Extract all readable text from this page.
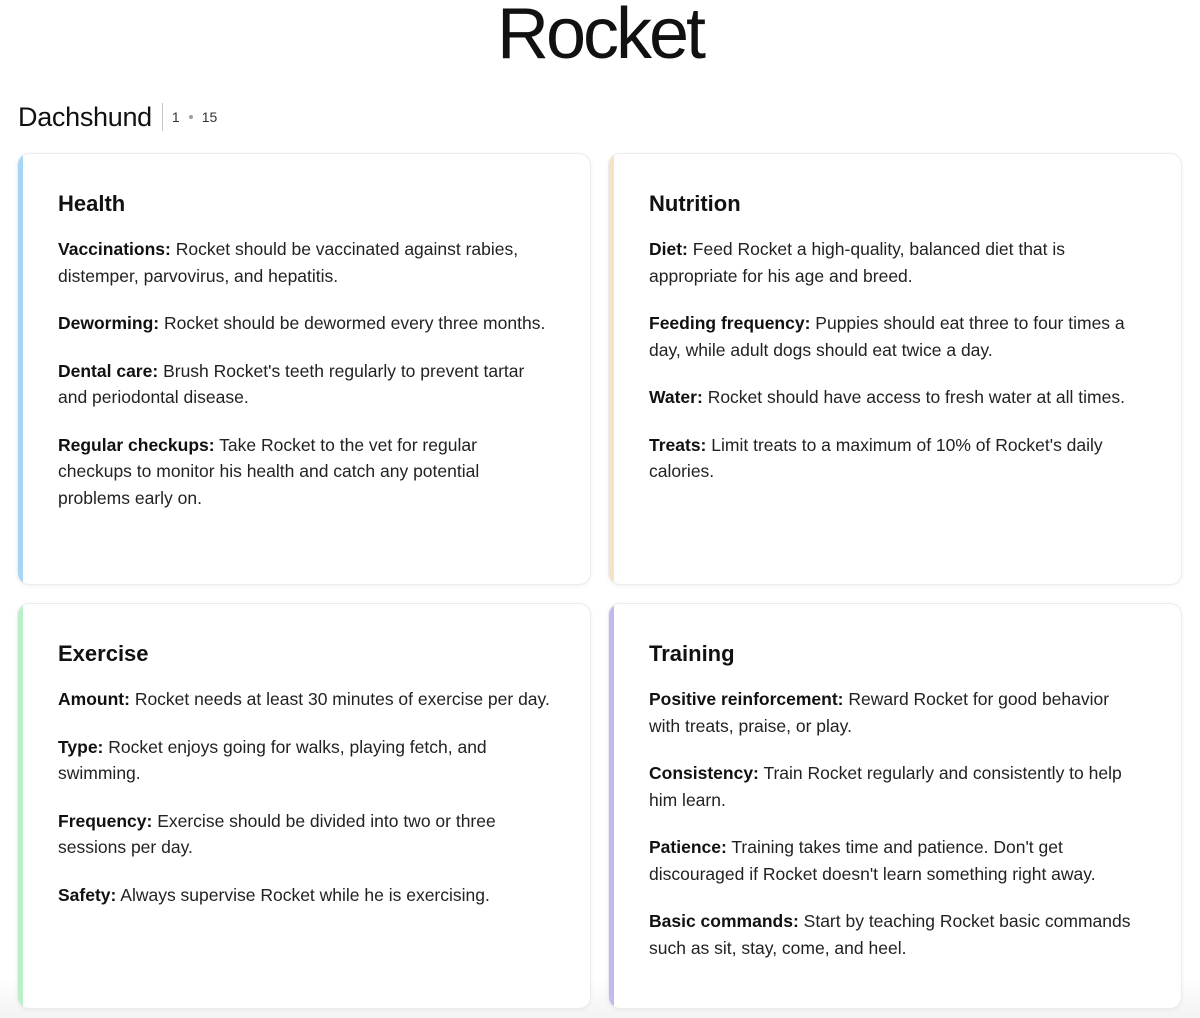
Rocket
Dachshund 1 15
Health

Vaccinations: Rocket should be vaccinated against rabies, distemper, parvovirus, and hepatitis.

Deworming: Rocket should be dewormed every three months.

Dental care: Brush Rocket's teeth regularly to prevent tartar and periodontal disease.

Regular checkups: Take Rocket to the vet for regular checkups to monitor his health and catch any potential problems early on.

Nutrition

Diet: Feed Rocket a high-quality, balanced diet that is appropriate for his age and breed.

Feeding frequency: Puppies should eat three to four times a day, while adult dogs should eat twice a day.

Water: Rocket should have access to fresh water at all times.

Treats: Limit treats to a maximum of 10% of Rocket's daily calories.

Exercise

Amount: Rocket needs at least 30 minutes of exercise per day.

Type: Rocket enjoys going for walks, playing fetch, and swimming.

Frequency: Exercise should be divided into two or three sessions per day.

Safety: Always supervise Rocket while he is exercising.

Training

Positive reinforcement: Reward Rocket for good behavior with treats, praise, or play.

Consistency: Train Rocket regularly and consistently to help him learn.

Patience: Training takes time and patience. Don't get discouraged if Rocket doesn't learn something right away.

Basic commands: Start by teaching Rocket basic commands such as sit, stay, come, and heel.
